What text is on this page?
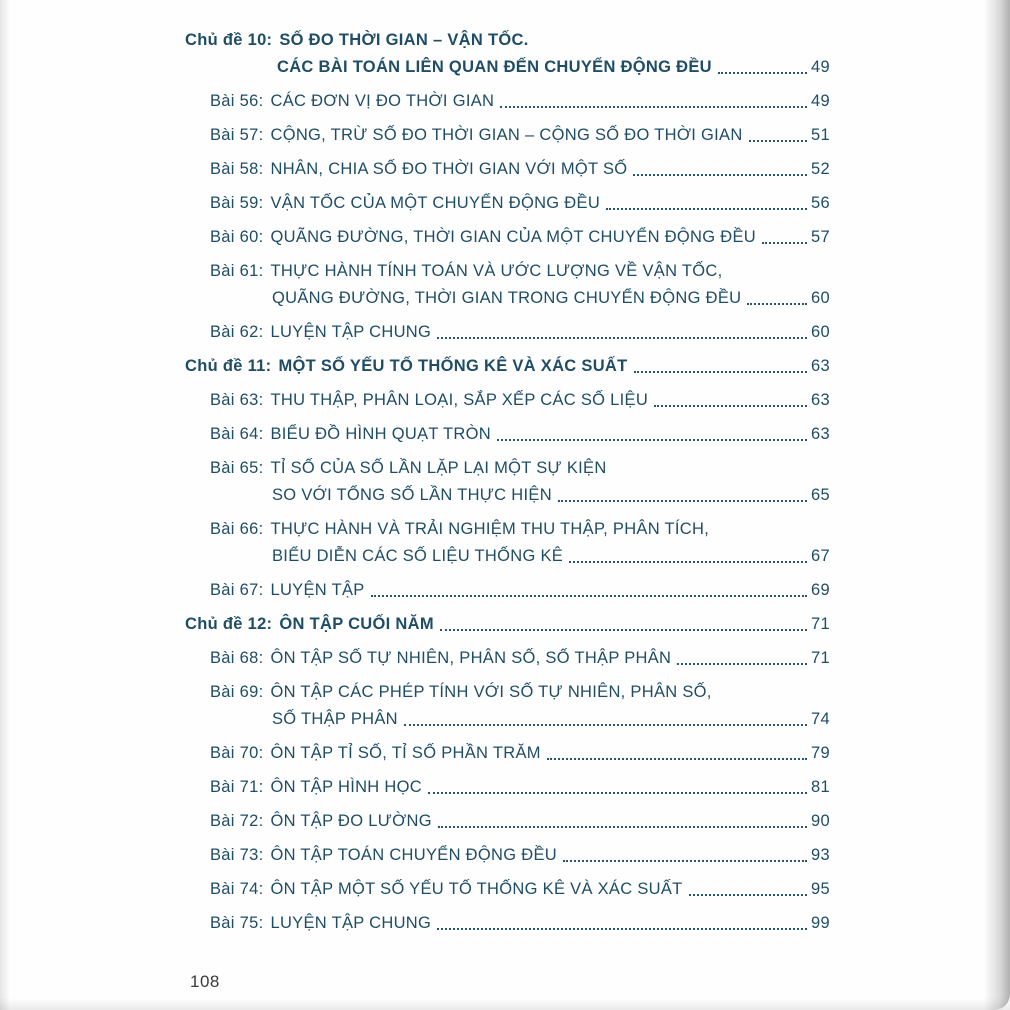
Chủ đề 10: SỐ ĐO THỜI GIAN – VẬN TỐC.
CÁC BÀI TOÁN LIÊN QUAN ĐẾN CHUYỂN ĐỘNG ĐỀU	49
Bài 56: CÁC ĐƠN VỊ ĐO THỜI GIAN	49
Bài 57: CỘNG, TRỪ SỐ ĐO THỜI GIAN – CỘNG SỐ ĐO THỜI GIAN	51
Bài 58: NHÂN, CHIA SỐ ĐO THỜI GIAN VỚI MỘT SỐ	52
Bài 59: VẬN TỐC CỦA MỘT CHUYỂN ĐỘNG ĐỀU	56
Bài 60: QUÃNG ĐƯỜNG, THỜI GIAN CỦA MỘT CHUYỂN ĐỘNG ĐỀU	57
Bài 61: THỰC HÀNH TÍNH TOÁN VÀ ƯỚC LƯỢNG VỀ VẬN TỐC,
QUÃNG ĐƯỜNG, THỜI GIAN TRONG CHUYỂN ĐỘNG ĐỀU	60
Bài 62: LUYỆN TẬP CHUNG	60
Chủ đề 11: MỘT SỐ YẾU TỐ THỐNG KÊ VÀ XÁC SUẤT	63
Bài 63: THU THẬP, PHÂN LOẠI, SẮP XẾP CÁC SỐ LIỆU	63
Bài 64: BIỂU ĐỒ HÌNH QUẠT TRÒN	63
Bài 65: TỈ SỐ CỦA SỐ LẦN LẶP LẠI MỘT SỰ KIỆN
SO VỚI TỔNG SỐ LẦN THỰC HIỆN	65
Bài 66: THỰC HÀNH VÀ TRẢI NGHIỆM THU THẬP, PHÂN TÍCH,
BIỂU DIỄN CÁC SỐ LIỆU THỐNG KÊ	67
Bài 67: LUYỆN TẬP	69
Chủ đề 12: ÔN TẬP CUỐI NĂM	71
Bài 68: ÔN TẬP SỐ TỰ NHIÊN, PHÂN SỐ, SỐ THẬP PHÂN	71
Bài 69: ÔN TẬP CÁC PHÉP TÍNH VỚI SỐ TỰ NHIÊN, PHÂN SỐ,
SỐ THẬP PHÂN	74
Bài 70: ÔN TẬP TỈ SỐ, TỈ SỐ PHẦN TRĂM	79
Bài 71: ÔN TẬP HÌNH HỌC	81
Bài 72: ÔN TẬP ĐO LƯỜNG	90
Bài 73: ÔN TẬP TOÁN CHUYỂN ĐỘNG ĐỀU	93
Bài 74: ÔN TẬP MỘT SỐ YẾU TỐ THỐNG KÊ VÀ XÁC SUẤT	95
Bài 75: LUYỆN TẬP CHUNG	99
108
